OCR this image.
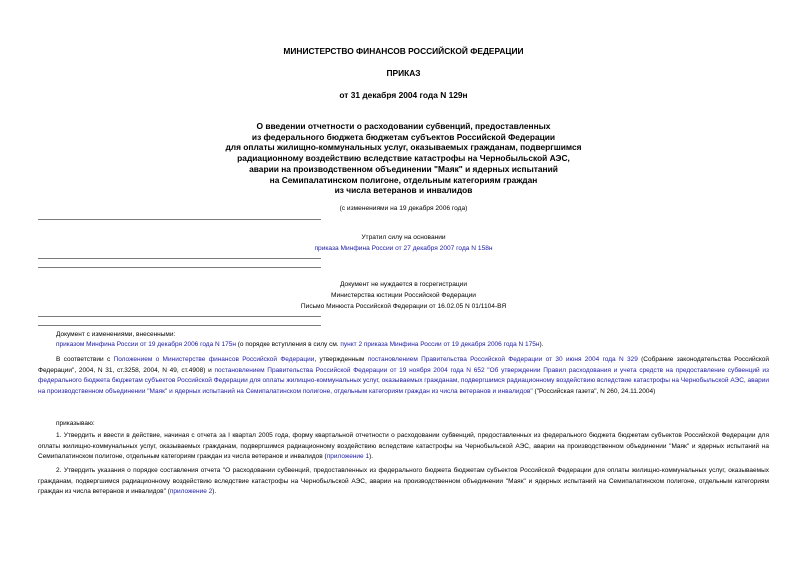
МИНИСТЕРСТВО ФИНАНСОВ РОССИЙСКОЙ ФЕДЕРАЦИИ
ПРИКАЗ
от 31 декабря 2004 года N 129н
О введении отчетности о расходовании субвенций, предоставленных
из федерального бюджета бюджетам субъектов Российской Федерации
для оплаты жилищно-коммунальных услуг, оказываемых гражданам, подвергшимся
радиационному воздействию вследствие катастрофы на Чернобыльской АЭС,
аварии на производственном объединении "Маяк" и ядерных испытаний
на Семипалатинском полигоне, отдельным категориям граждан
из числа ветеранов и инвалидов
(с изменениями на 19 декабря 2006 года)
Утратил силу на основании
приказа Минфина России от 27 декабря 2007 года N 158н
Документ не нуждается в госрегистрации
Министерства юстиции Российской Федерации
Письмо Минюста Российской Федерации от 16.02.05 N 01/1104-ВЯ
Документ с изменениями, внесенными:
приказом Минфина России от 19 декабря 2006 года N 175н (о порядке вступления в силу см. пункт 2 приказа Минфина России от 19 декабря 2006 года N 175н).
В соответствии с Положением о Министерстве финансов Российской Федерации, утвержденным постановлением Правительства Российской Федерации от 30 июня 2004 года N 329 (Собрание законодательства Российской Федерации", 2004, N 31, ст.3258, 2004, N 49, ст.4908) и постановлением Правительства Российской Федерации от 19 ноября 2004 года N 652 "Об утверждении Правил расходования и учета средств на предоставление субвенций из федерального бюджета бюджетам субъектов Российской Федерации для оплаты жилищно-коммунальных услуг, оказываемых гражданам, подвергшимся радиационному воздействию вследствие катастрофы на Чернобыльской АЭС, аварии на производственном объединении "Маяк" и ядерных испытаний на Семипалатинском полигоне, отдельным категориям граждан из числа ветеранов и инвалидов" ("Российская газета", N 260, 24.11.2004)
приказываю:
1. Утвердить и ввести в действие, начиная с отчета за I квартал 2005 года, форму квартальной отчетности о расходовании субвенций, предоставленных из федерального бюджета бюджетам субъектов Российской Федерации для оплаты жилищно-коммунальных услуг, оказываемых гражданам, подвергшимся радиационному воздействию вследствие катастрофы на Чернобыльской АЭС, аварии на производственном объединении "Маяк" и ядерных испытаний на Семипалатинском полигоне, отдельным категориям граждан из числа ветеранов и инвалидов (приложение 1).
2. Утвердить указания о порядке составления отчета "О расходовании субвенций, предоставленных из федерального бюджета бюджетам субъектов Российской Федерации для оплаты жилищно-коммунальных услуг, оказываемых гражданам, подвергшимся радиационному воздействию вследствие катастрофы на Чернобыльской АЭС, аварии на производственном объединении "Маяк" и ядерных испытаний на Семипалатинском полигоне, отдельным категориям граждан из числа ветеранов и инвалидов" (приложение 2).
